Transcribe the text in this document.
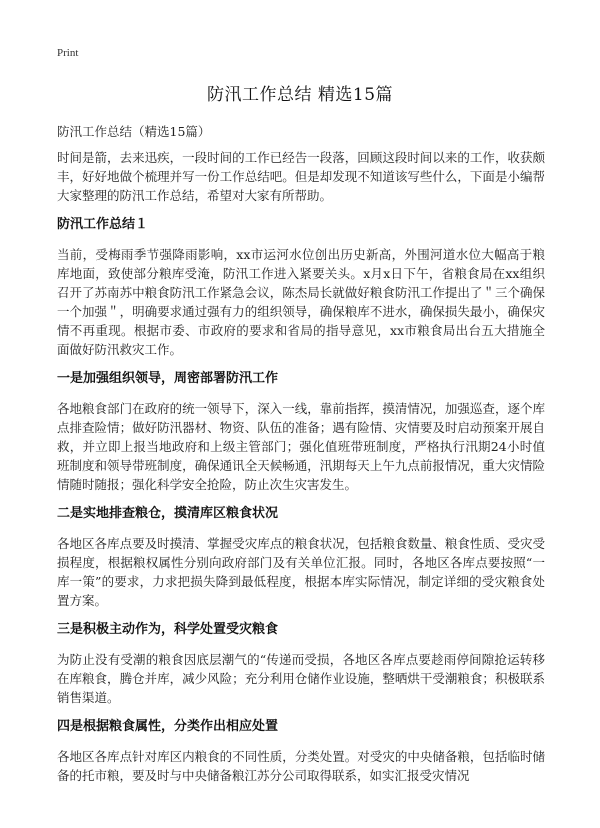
Print
防汛工作总结 精选15篇
防汛工作总结（精选15篇）

时间是箭，去来迅疾，一段时间的工作已经告一段落，回顾这段时间以来的工作，收获颇丰，好好地做个梳理并写一份工作总结吧。但是却发现不知道该写些什么，下面是小编帮大家整理的防汛工作总结，希望对大家有所帮助。

防汛工作总结１

当前，受梅雨季节强降雨影响，xx市运河水位创出历史新高，外围河道水位大幅高于粮库地面，致使部分粮库受淹，防汛工作进入紧要关头。x月x日下午，省粮食局在xx组织召开了苏南苏中粮食防汛工作紧急会议，陈杰局长就做好粮食防汛工作提出了＂三个确保一个加强＂，明确要求通过强有力的组织领导，确保粮库不进水，确保损失最小，确保灾情不再重现。根据市委、市政府的要求和省局的指导意见，xx市粮食局出台五大措施全面做好防汛救灾工作。

一是加强组织领导，周密部署防汛工作

各地粮食部门在政府的统一领导下，深入一线，靠前指挥，摸清情况，加强巡查，逐个库点排查险情；做好防汛器材、物资、队伍的准备；遇有险情、灾情要及时启动预案开展自救，并立即上报当地政府和上级主管部门；强化值班带班制度，严格执行汛期24小时值班制度和领导带班制度，确保通讯全天候畅通，汛期每天上午九点前报情况，重大灾情险情随时随报；强化科学安全抢险，防止次生灾害发生。

二是实地排查粮仓，摸清库区粮食状况

各地区各库点要及时摸清、掌握受灾库点的粮食状况，包括粮食数量、粮食性质、受灾受损程度，根据粮权属性分别向政府部门及有关单位汇报。同时，各地区各库点要按照“一库一策”的要求，力求把损失降到最低程度，根据本库实际情况，制定详细的受灾粮食处置方案。

三是积极主动作为，科学处置受灾粮食

为防止没有受潮的粮食因底层潮气的“传递而受损，各地区各库点要趁雨停间隙抢运转移在库粮食，腾仓并库，减少风险；充分利用仓储作业设施，整晒烘干受潮粮食；积极联系销售渠道。

四是根据粮食属性，分类作出相应处置

各地区各库点针对库区内粮食的不同性质，分类处置。对受灾的中央储备粮，包括临时储备的托市粮，要及时与中央储备粮江苏分公司取得联系，如实汇报受灾情况
